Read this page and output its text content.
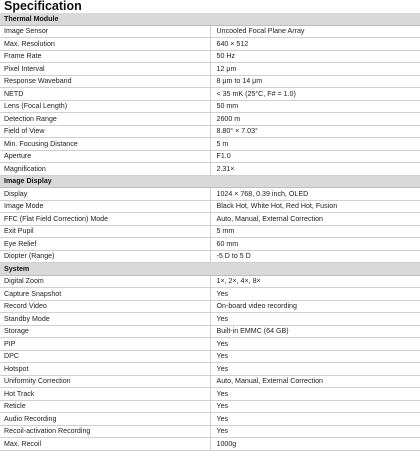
Specification
Thermal Module	
Image Sensor	Uncooled Focal Plane Array
Max. Resolution	640 × 512
Frame Rate	50 Hz
Pixel Interval	12 μm
Response Waveband	8 μm to 14 μm
NETD	< 35 mK (25°C, F# = 1.0)
Lens (Focal Length)	50 mm
Detection Range	2600 m
Field of View	8.80° × 7.03°
Min. Focusing Distance	5 m
Aperture	F1.0
Magnification	2.31×
Image Display	
Display	1024 × 768, 0.39 inch, OLED
Image Mode	Black Hot, White Hot, Red Hot, Fusion
FFC (Flat Field Correction) Mode	Auto, Manual, External Correction
Exit Pupil	5 mm
Eye Relief	60 mm
Diopter (Range)	-5 D to 5 D
System	
Digital Zoom	1×, 2×, 4×, 8×
Capture Snapshot	Yes
Record Video	On-board video recording
Standby Mode	Yes
Storage	Built-in EMMC (64 GB)
PIP	Yes
DPC	Yes
Hotspot	Yes
Uniformity Correction	Auto, Manual, External Correction
Hot Track	Yes
Reticle	Yes
Audio Recording	Yes
Recoil-activation Recording	Yes
Max. Recoil	1000g
